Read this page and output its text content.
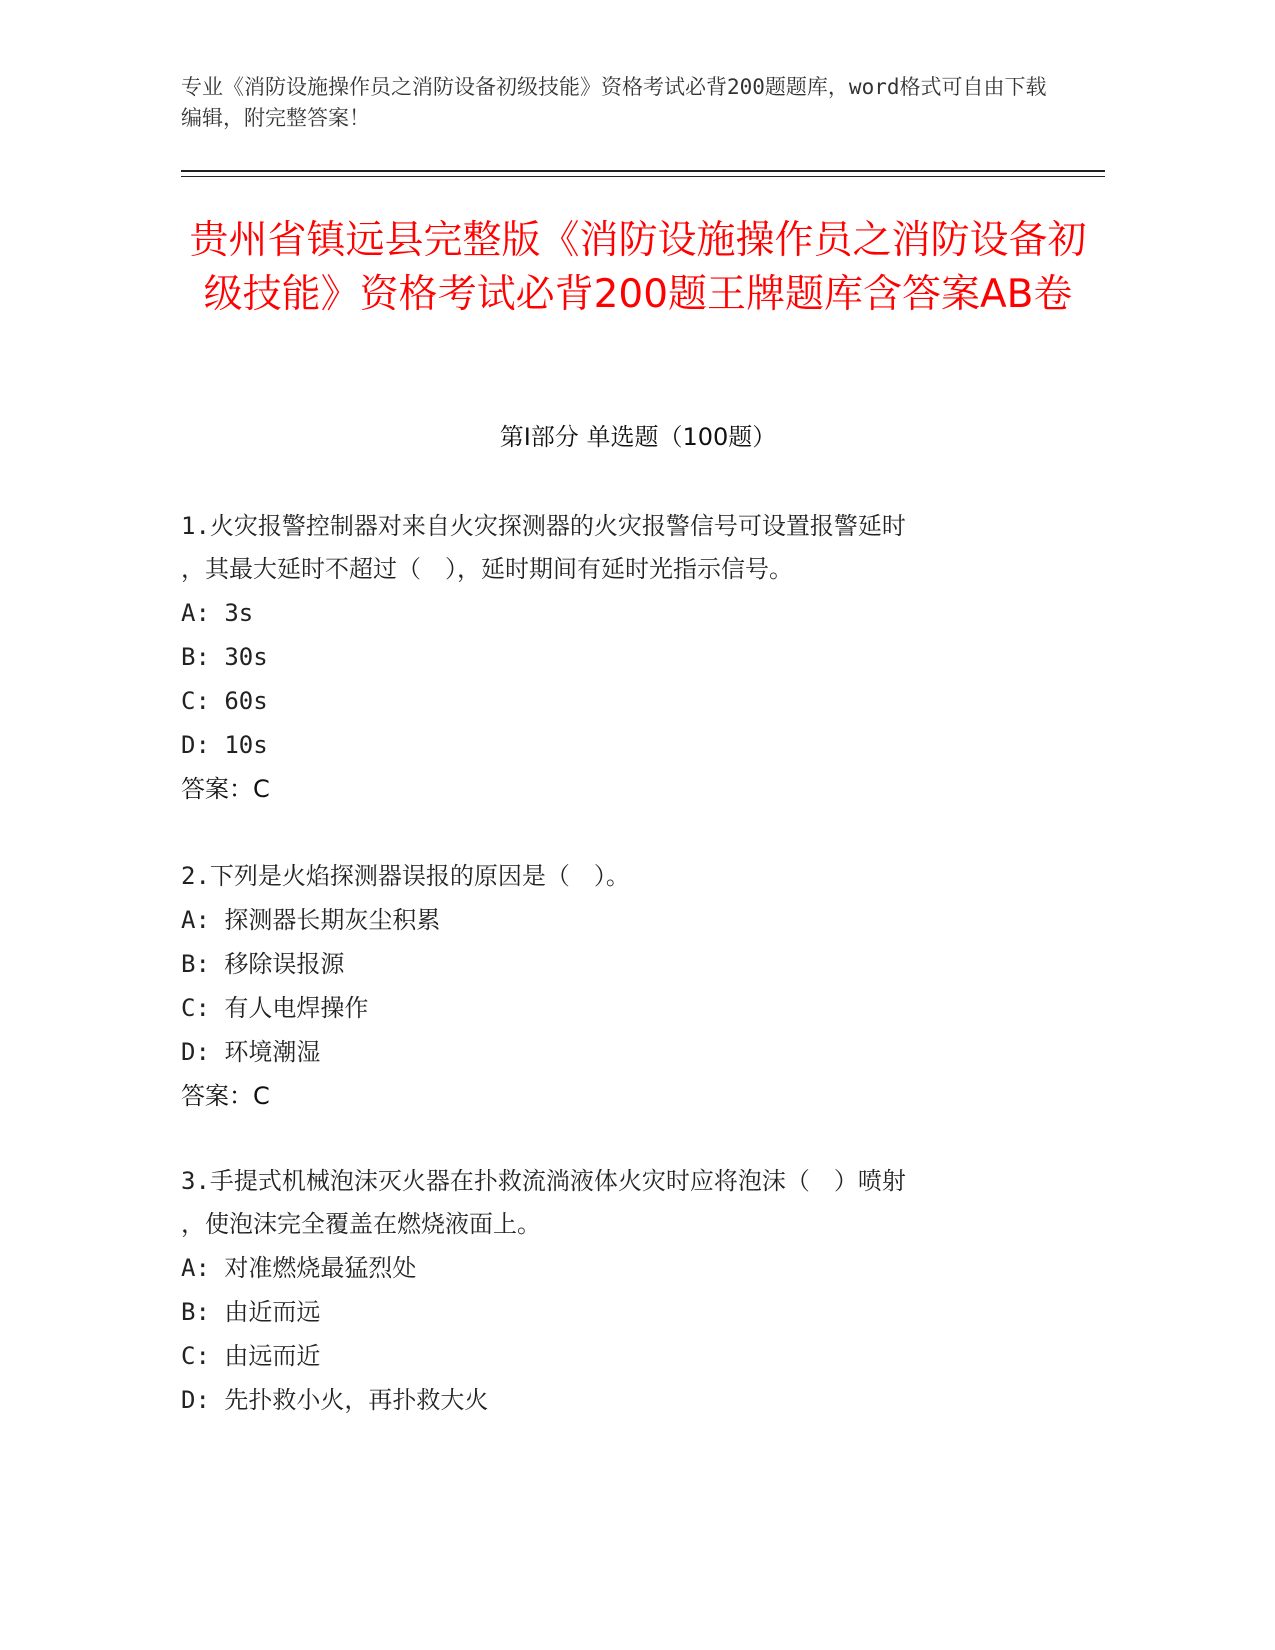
专业《消防设施操作员之消防设备初级技能》资格考试必背200题题库，word格式可自由下载编辑，附完整答案！
贵州省镇远县完整版《消防设施操作员之消防设备初级技能》资格考试必背200题王牌题库含答案AB卷
第I部分 单选题（100题）
1.火灾报警控制器对来自火灾探测器的火灾报警信号可设置报警延时
，其最大延时不超过（　），延时期间有延时光指示信号。
A: 3s
B: 30s
C: 60s
D: 10s
答案：C
2.下列是火焰探测器误报的原因是（　）。
A: 探测器长期灰尘积累
B: 移除误报源
C: 有人电焊操作
D: 环境潮湿
答案：C
3.手提式机械泡沫灭火器在扑救流淌液体火灾时应将泡沫（　）喷射
，使泡沫完全覆盖在燃烧液面上。
A: 对准燃烧最猛烈处
B: 由近而远
C: 由远而近
D: 先扑救小火，再扑救大火
